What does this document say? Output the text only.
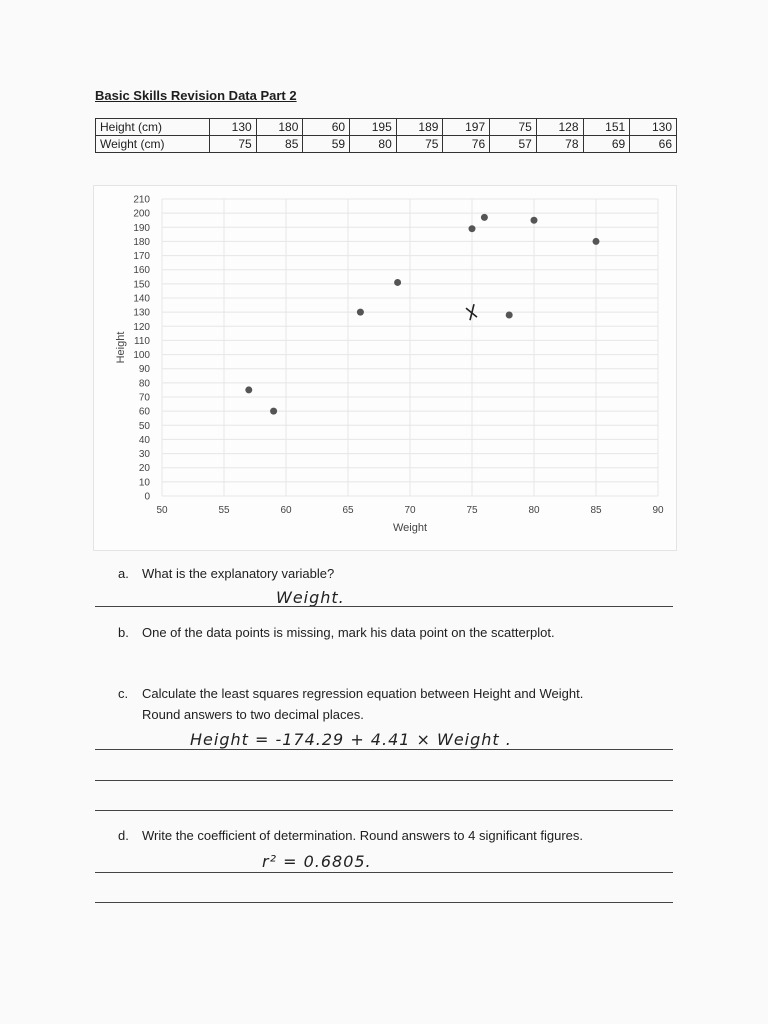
Basic Skills Revision Data Part 2
Height (cm)	130	180	60	195	189	197	75	128	151	130
Weight (cm)	75	85	59	80	75	76	57	78	69	66
0
10
20
30
40
50
60
70
80
90
100
110
120
130
140
150
160
170
180
190
200
210
50	55	60	65	70	75	80	85	90
Weight
Height
a. What is the explanatory variable?
Weight.
b. One of the data points is missing, mark his data point on the scatterplot.
c. Calculate the least squares regression equation between Height and Weight.
Round answers to two decimal places.
Height = -174.29 + 4.41 × Weight .
d. Write the coefficient of determination. Round answers to 4 significant figures.
r² = 0.6805.
